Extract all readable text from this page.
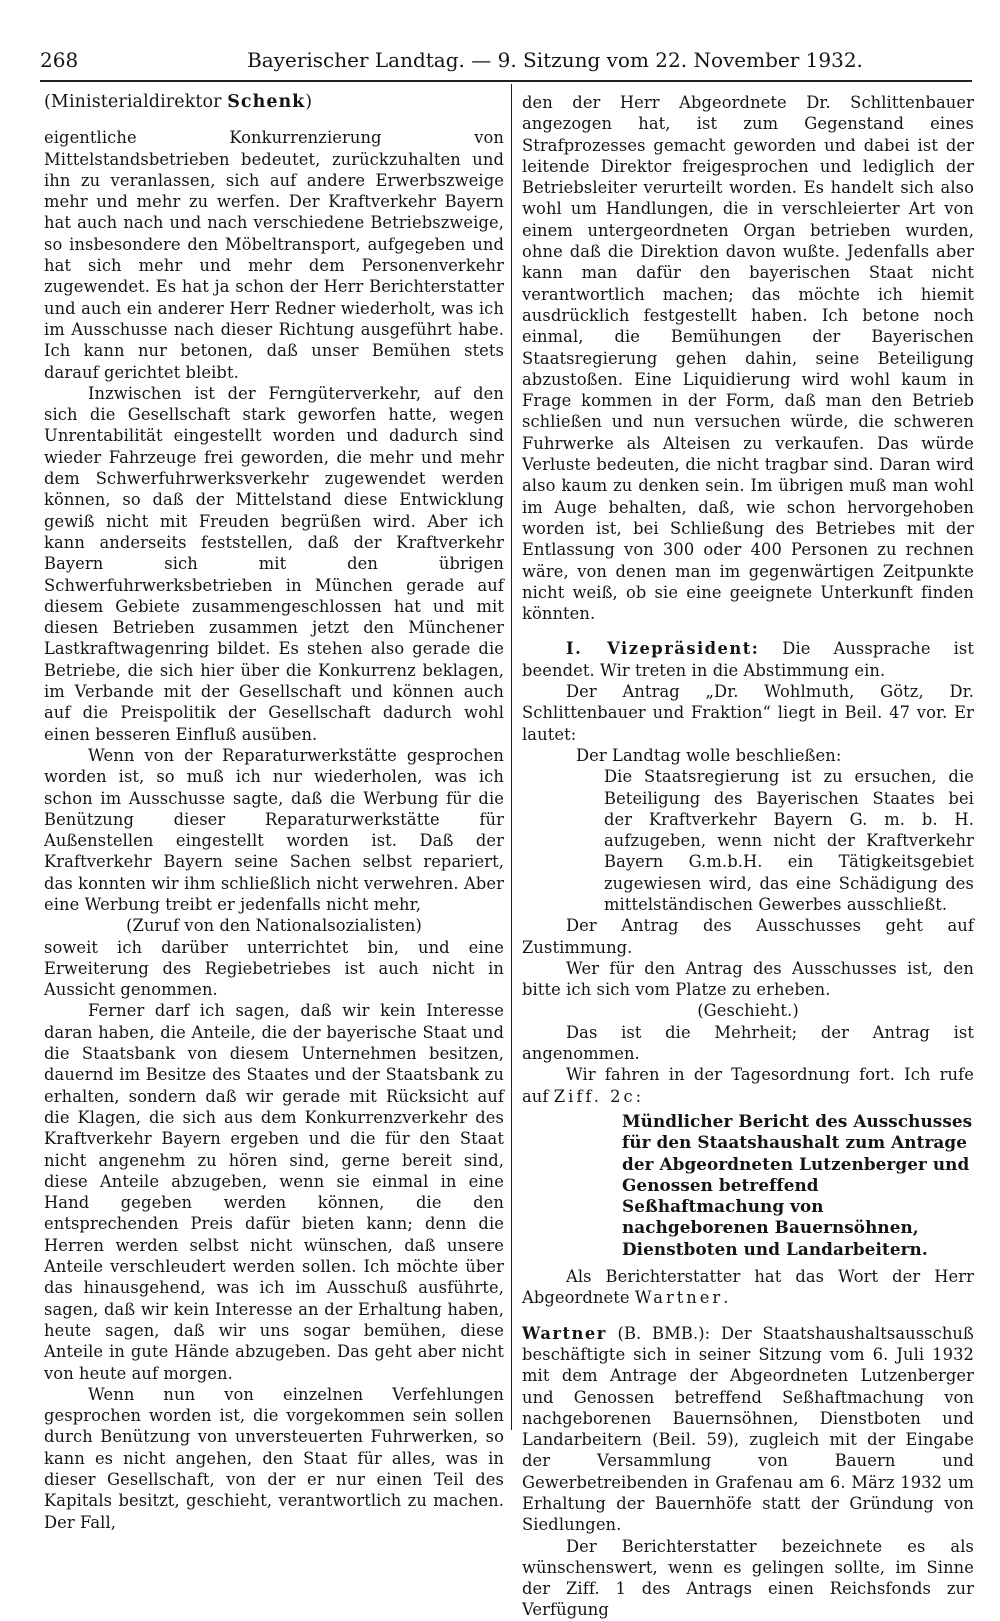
268	Bayerischer Landtag. — 9. Sitzung vom 22. November 1932.

(Ministerialdirektor Schenk)

eigentliche Konkurrenzierung von Mittelstandsbetrieben bedeutet, zurückzuhalten und ihn zu veranlassen, sich auf andere Erwerbszweige mehr und mehr zu werfen. Der Kraftverkehr Bayern hat auch nach und nach verschiedene Betriebszweige, so insbesondere den Möbeltransport, aufgegeben und hat sich mehr und mehr dem Personenverkehr zugewendet. Es hat ja schon der Herr Berichterstatter und auch ein anderer Herr Redner wiederholt, was ich im Ausschusse nach dieser Richtung ausgeführt habe. Ich kann nur betonen, daß unser Bemühen stets darauf gerichtet bleibt.

Inzwischen ist der Ferngüterverkehr, auf den sich die Gesellschaft stark geworfen hatte, wegen Unrentabilität eingestellt worden und dadurch sind wieder Fahrzeuge frei geworden, die mehr und mehr dem Schwerfuhrwerksverkehr zugewendet werden können, so daß der Mittelstand diese Entwicklung gewiß nicht mit Freuden begrüßen wird. Aber ich kann anderseits feststellen, daß der Kraftverkehr Bayern sich mit den übrigen Schwerfuhrwerksbetrieben in München gerade auf diesem Gebiete zusammengeschlossen hat und mit diesen Betrieben zusammen jetzt den Münchener Lastkraftwagenring bildet. Es stehen also gerade die Betriebe, die sich hier über die Konkurrenz beklagen, im Verbande mit der Gesellschaft und können auch auf die Preispolitik der Gesellschaft dadurch wohl einen besseren Einfluß ausüben.

Wenn von der Reparaturwerkstätte gesprochen worden ist, so muß ich nur wiederholen, was ich schon im Ausschusse sagte, daß die Werbung für die Benützung dieser Reparaturwerkstätte für Außenstellen eingestellt worden ist. Daß der Kraftverkehr Bayern seine Sachen selbst repariert, das konnten wir ihm schließlich nicht verwehren. Aber eine Werbung treibt er jedenfalls nicht mehr,

(Zuruf von den Nationalsozialisten)

soweit ich darüber unterrichtet bin, und eine Erweiterung des Regiebetriebes ist auch nicht in Aussicht genommen.

Ferner darf ich sagen, daß wir kein Interesse daran haben, die Anteile, die der bayerische Staat und die Staatsbank von diesem Unternehmen besitzen, dauernd im Besitze des Staates und der Staatsbank zu erhalten, sondern daß wir gerade mit Rücksicht auf die Klagen, die sich aus dem Konkurrenzverkehr des Kraftverkehr Bayern ergeben und die für den Staat nicht angenehm zu hören sind, gerne bereit sind, diese Anteile abzugeben, wenn sie einmal in eine Hand gegeben werden können, die den entsprechenden Preis dafür bieten kann; denn die Herren werden selbst nicht wünschen, daß unsere Anteile verschleudert werden sollen. Ich möchte über das hinausgehend, was ich im Ausschuß ausführte, sagen, daß wir kein Interesse an der Erhaltung haben, heute sagen, daß wir uns sogar bemühen, diese Anteile in gute Hände abzugeben. Das geht aber nicht von heute auf morgen.

Wenn nun von einzelnen Verfehlungen gesprochen worden ist, die vorgekommen sein sollen durch Benützung von unversteuerten Fuhrwerken, so kann es nicht angehen, den Staat für alles, was in dieser Gesellschaft, von der er nur einen Teil des Kapitals besitzt, geschieht, verantwortlich zu machen. Der Fall,

den der Herr Abgeordnete Dr. Schlittenbauer angezogen hat, ist zum Gegenstand eines Strafprozesses gemacht geworden und dabei ist der leitende Direktor freigesprochen und lediglich der Betriebsleiter verurteilt worden. Es handelt sich also wohl um Handlungen, die in verschleierter Art von einem untergeordneten Organ betrieben wurden, ohne daß die Direktion davon wußte. Jedenfalls aber kann man dafür den bayerischen Staat nicht verantwortlich machen; das möchte ich hiemit ausdrücklich festgestellt haben. Ich betone noch einmal, die Bemühungen der Bayerischen Staatsregierung gehen dahin, seine Beteiligung abzustoßen. Eine Liquidierung wird wohl kaum in Frage kommen in der Form, daß man den Betrieb schließen und nun versuchen würde, die schweren Fuhrwerke als Alteisen zu verkaufen. Das würde Verluste bedeuten, die nicht tragbar sind. Daran wird also kaum zu denken sein. Im übrigen muß man wohl im Auge behalten, daß, wie schon hervorgehoben worden ist, bei Schließung des Betriebes mit der Entlassung von 300 oder 400 Personen zu rechnen wäre, von denen man im gegenwärtigen Zeitpunkte nicht weiß, ob sie eine geeignete Unterkunft finden könnten.

I. Vizepräsident: Die Aussprache ist beendet. Wir treten in die Abstimmung ein.

Der Antrag „Dr. Wohlmuth, Götz, Dr. Schlittenbauer und Fraktion“ liegt in Beil. 47 vor. Er lautet:

Der Landtag wolle beschließen:

Die Staatsregierung ist zu ersuchen, die Beteiligung des Bayerischen Staates bei der Kraftverkehr Bayern G. m. b. H. aufzugeben, wenn nicht der Kraftverkehr Bayern G.m.b.H. ein Tätigkeitsgebiet zugewiesen wird, das eine Schädigung des mittelständischen Gewerbes ausschließt.

Der Antrag des Ausschusses geht auf Zustimmung.

Wer für den Antrag des Ausschusses ist, den bitte ich sich vom Platze zu erheben.

(Geschieht.)

Das ist die Mehrheit; der Antrag ist angenommen.

Wir fahren in der Tagesordnung fort. Ich rufe auf Ziff. 2c:

Mündlicher Bericht des Ausschusses für den Staatshaushalt zum Antrage der Abgeordneten Lutzenberger und Genossen betreffend Seßhaftmachung von nachgeborenen Bauernsöhnen, Dienstboten und Landarbeitern.

Als Berichterstatter hat das Wort der Herr Abgeordnete Wartner.

Wartner (B. BMB.): Der Staatshaushaltsausschuß beschäftigte sich in seiner Sitzung vom 6. Juli 1932 mit dem Antrage der Abgeordneten Lutzenberger und Genossen betreffend Seßhaftmachung von nachgeborenen Bauernsöhnen, Dienstboten und Landarbeitern (Beil. 59), zugleich mit der Eingabe der Versammlung von Bauern und Gewerbetreibenden in Grafenau am 6. März 1932 um Erhaltung der Bauernhöfe statt der Gründung von Siedlungen.

Der Berichterstatter bezeichnete es als wünschenswert, wenn es gelingen sollte, im Sinne der Ziff. 1 des Antrags einen Reichsfonds zur Verfügung
